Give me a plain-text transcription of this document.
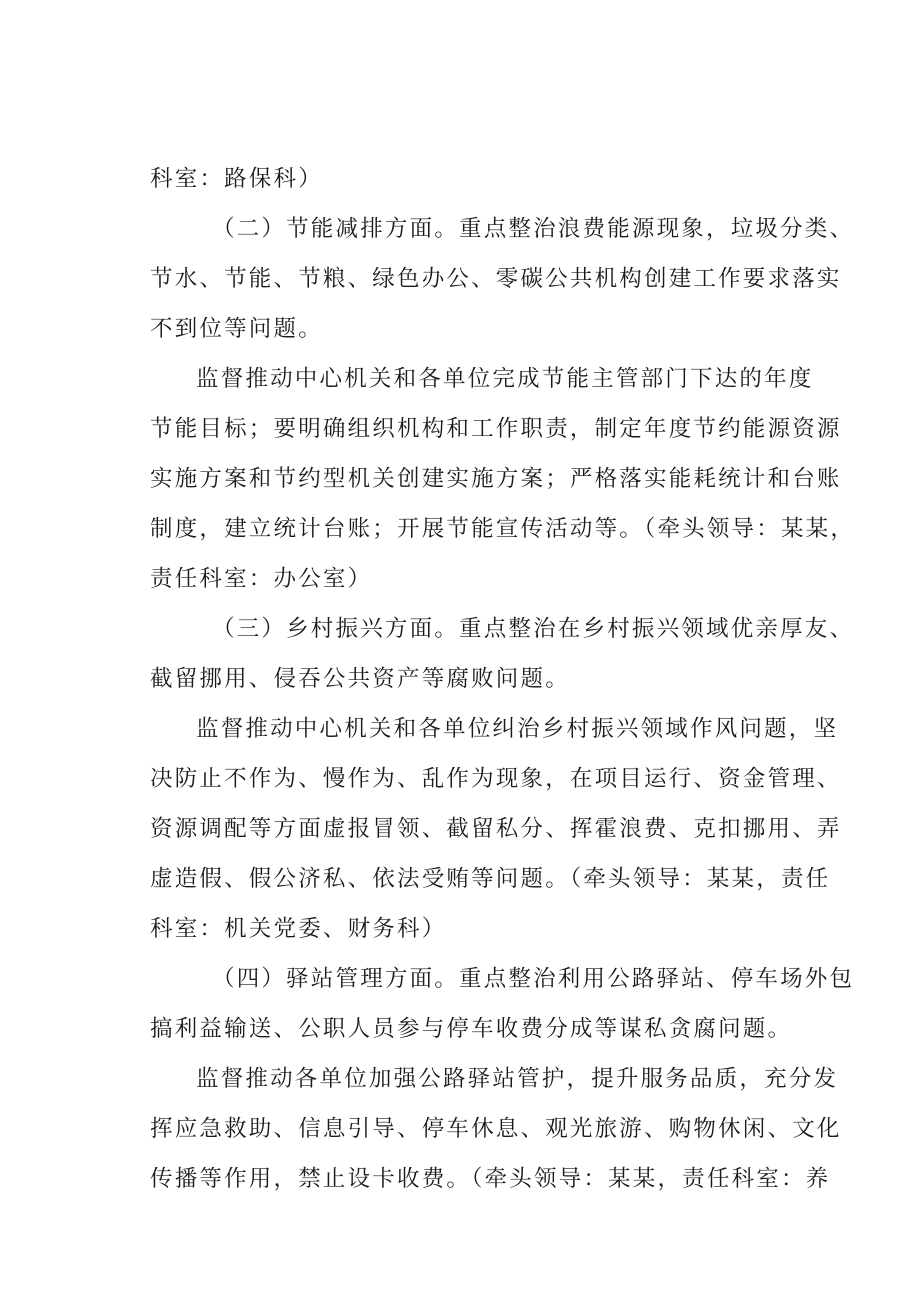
科室：路保科）
（二）节能减排方面。重点整治浪费能源现象，垃圾分类、
节水、节能、节粮、绿色办公、零碳公共机构创建工作要求落实
不到位等问题。
监督推动中心机关和各单位完成节能主管部门下达的年度
节能目标；要明确组织机构和工作职责，制定年度节约能源资源
实施方案和节约型机关创建实施方案；严格落实能耗统计和台账
制度，建立统计台账；开展节能宣传活动等。（牵头领导：某某，
责任科室：办公室）
（三）乡村振兴方面。重点整治在乡村振兴领域优亲厚友、
截留挪用、侵吞公共资产等腐败问题。
监督推动中心机关和各单位纠治乡村振兴领域作风问题，坚
决防止不作为、慢作为、乱作为现象，在项目运行、资金管理、
资源调配等方面虚报冒领、截留私分、挥霍浪费、克扣挪用、弄
虚造假、假公济私、依法受贿等问题。（牵头领导：某某，责任
科室：机关党委、财务科）
（四）驿站管理方面。重点整治利用公路驿站、停车场外包
搞利益输送、公职人员参与停车收费分成等谋私贪腐问题。
监督推动各单位加强公路驿站管护，提升服务品质，充分发
挥应急救助、信息引导、停车休息、观光旅游、购物休闲、文化
传播等作用，禁止设卡收费。（牵头领导：某某，责任科室：养
